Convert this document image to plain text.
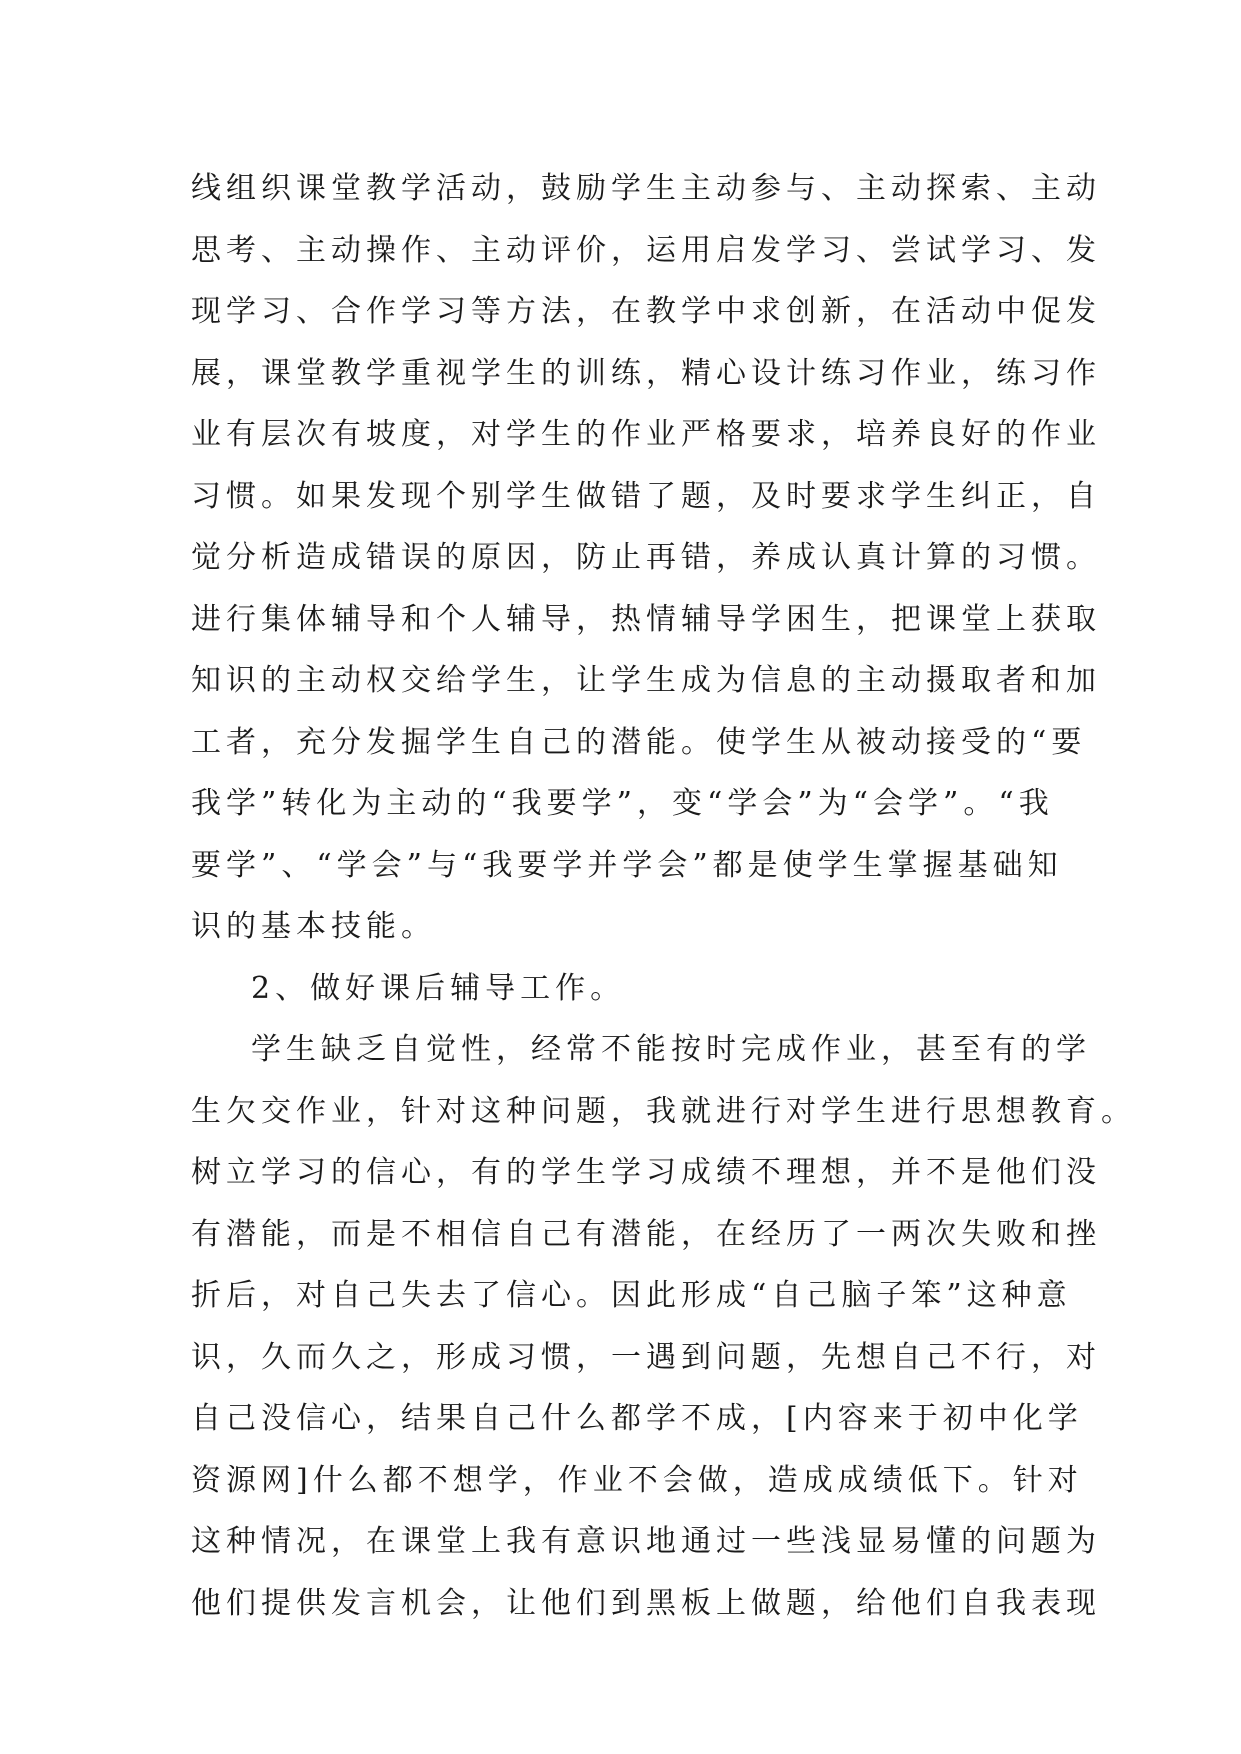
线组织课堂教学活动，鼓励学生主动参与、主动探索、主动
思考、主动操作、主动评价，运用启发学习、尝试学习、发
现学习、合作学习等方法，在教学中求创新，在活动中促发
展，课堂教学重视学生的训练，精心设计练习作业，练习作
业有层次有坡度，对学生的作业严格要求，培养良好的作业
习惯。如果发现个别学生做错了题，及时要求学生纠正，自
觉分析造成错误的原因，防止再错，养成认真计算的习惯。
进行集体辅导和个人辅导，热情辅导学困生，把课堂上获取
知识的主动权交给学生，让学生成为信息的主动摄取者和加
工者，充分发掘学生自己的潜能。使学生从被动接受的“要
我学”转化为主动的“我要学”，变“学会”为“会学”。“我
要学”、“学会”与“我要学并学会”都是使学生掌握基础知
识的基本技能。
2、做好课后辅导工作。
学生缺乏自觉性，经常不能按时完成作业，甚至有的学
生欠交作业，针对这种问题，我就进行对学生进行思想教育。
树立学习的信心，有的学生学习成绩不理想，并不是他们没
有潜能，而是不相信自己有潜能，在经历了一两次失败和挫
折后，对自己失去了信心。因此形成“自己脑子笨”这种意
识，久而久之，形成习惯，一遇到问题，先想自己不行，对
自己没信心，结果自己什么都学不成，[内容来于初中化学
资源网]什么都不想学，作业不会做，造成成绩低下。针对
这种情况，在课堂上我有意识地通过一些浅显易懂的问题为
他们提供发言机会，让他们到黑板上做题，给他们自我表现
